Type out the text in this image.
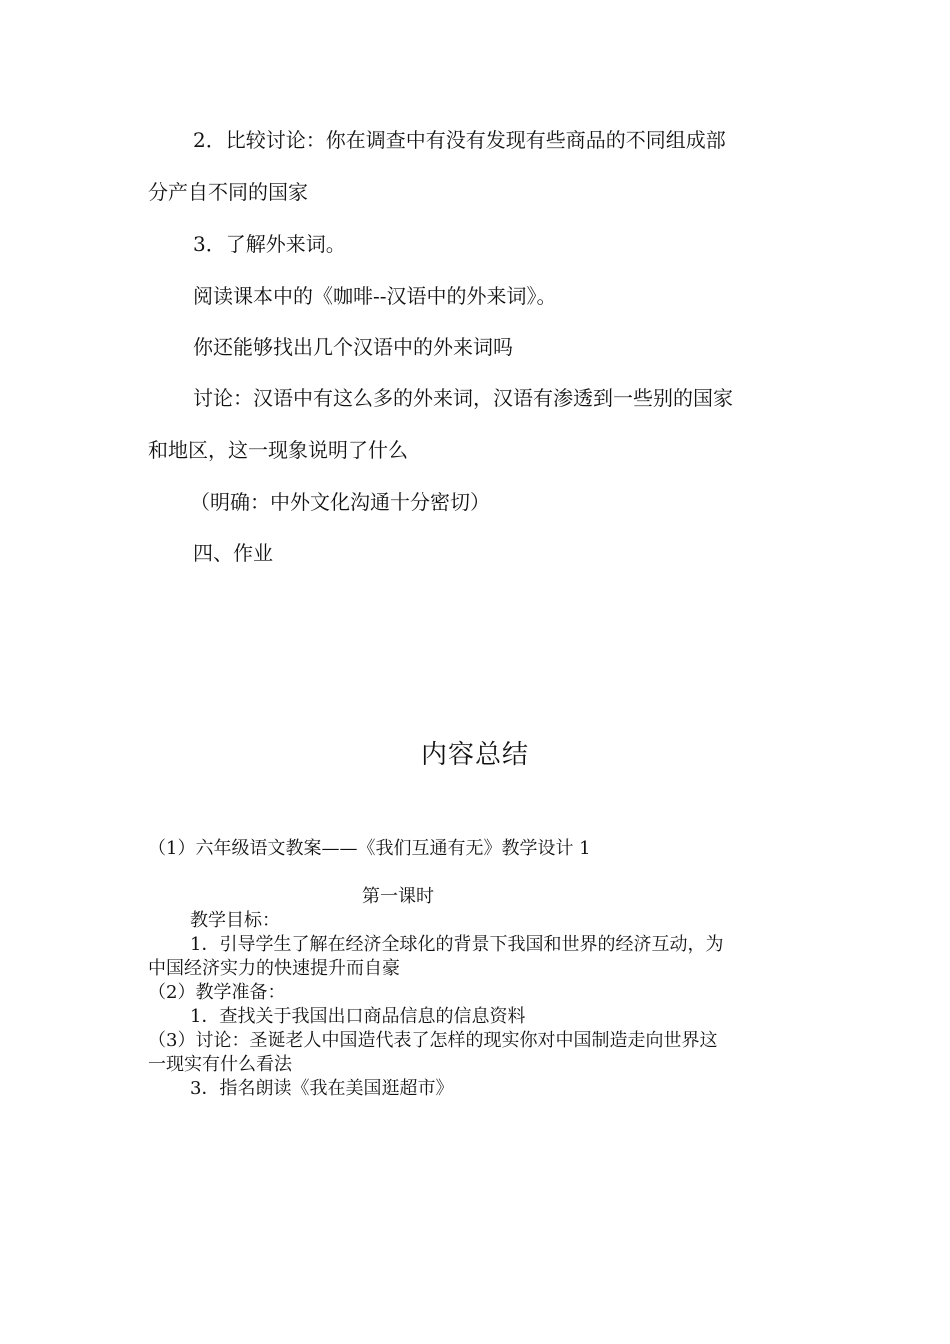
2．比较讨论：你在调查中有没有发现有些商品的不同组成部
分产自不同的国家
3．了解外来词。
阅读课本中的《咖啡--汉语中的外来词》。
你还能够找出几个汉语中的外来词吗
讨论：汉语中有这么多的外来词，汉语有渗透到一些别的国家
和地区，这一现象说明了什么
（明确：中外文化沟通十分密切）
四、作业
内容总结
（1）六年级语文教案——《我们互通有无》教学设计 1
第一课时
教学目标：
1．引导学生了解在经济全球化的背景下我国和世界的经济互动，为
中国经济实力的快速提升而自豪
（2）教学准备：
1．查找关于我国出口商品信息的信息资料
（3）讨论：圣诞老人中国造代表了怎样的现实你对中国制造走向世界这
一现实有什么看法
3．指名朗读《我在美国逛超市》
